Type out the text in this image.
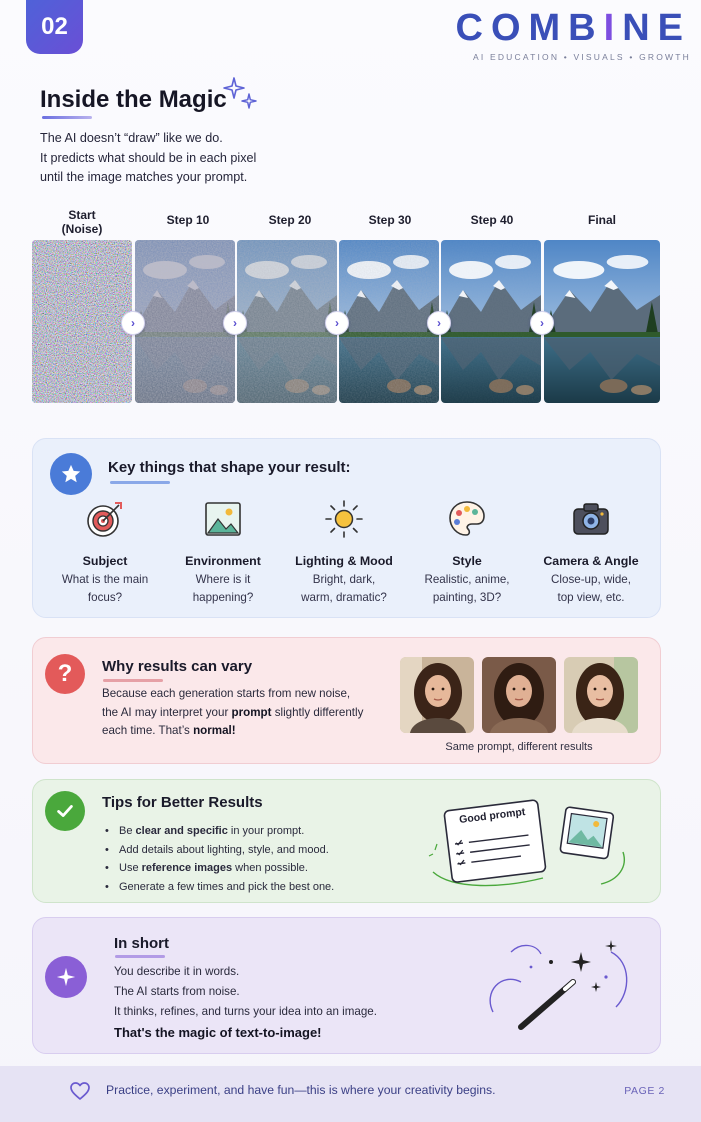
02	COMBINE
AI EDUCATION • VISUALS • GROWTH
Inside the Magic
The AI doesn’t “draw” like we do.
It predicts what should be in each pixel
until the image matches your prompt.
Start
(Noise)
Step 10	Step 20	Step 30	Step 40	Final
›	›	›	›	›
Key things that shape your result:
Subject
What is the main
focus?
Environment
Where is it
happening?
Lighting & Mood
Bright, dark,
warm, dramatic?
Style
Realistic, anime,
painting, 3D?
Camera & Angle
Close-up, wide,
top view, etc.
?	Why results can vary
Because each generation starts from new noise,
the AI may interpret your prompt slightly differently
each time. That’s normal!
Same prompt, different results
Tips for Better Results
• Be clear and specific in your prompt.
• Add details about lighting, style, and mood.
• Use reference images when possible.
• Generate a few times and pick the best one.
Good prompt
In short
You describe it in words.
The AI starts from noise.
It thinks, refines, and turns your idea into an image.
That's the magic of text-to-image!
Practice, experiment, and have fun—this is where your creativity begins.	PAGE 2
